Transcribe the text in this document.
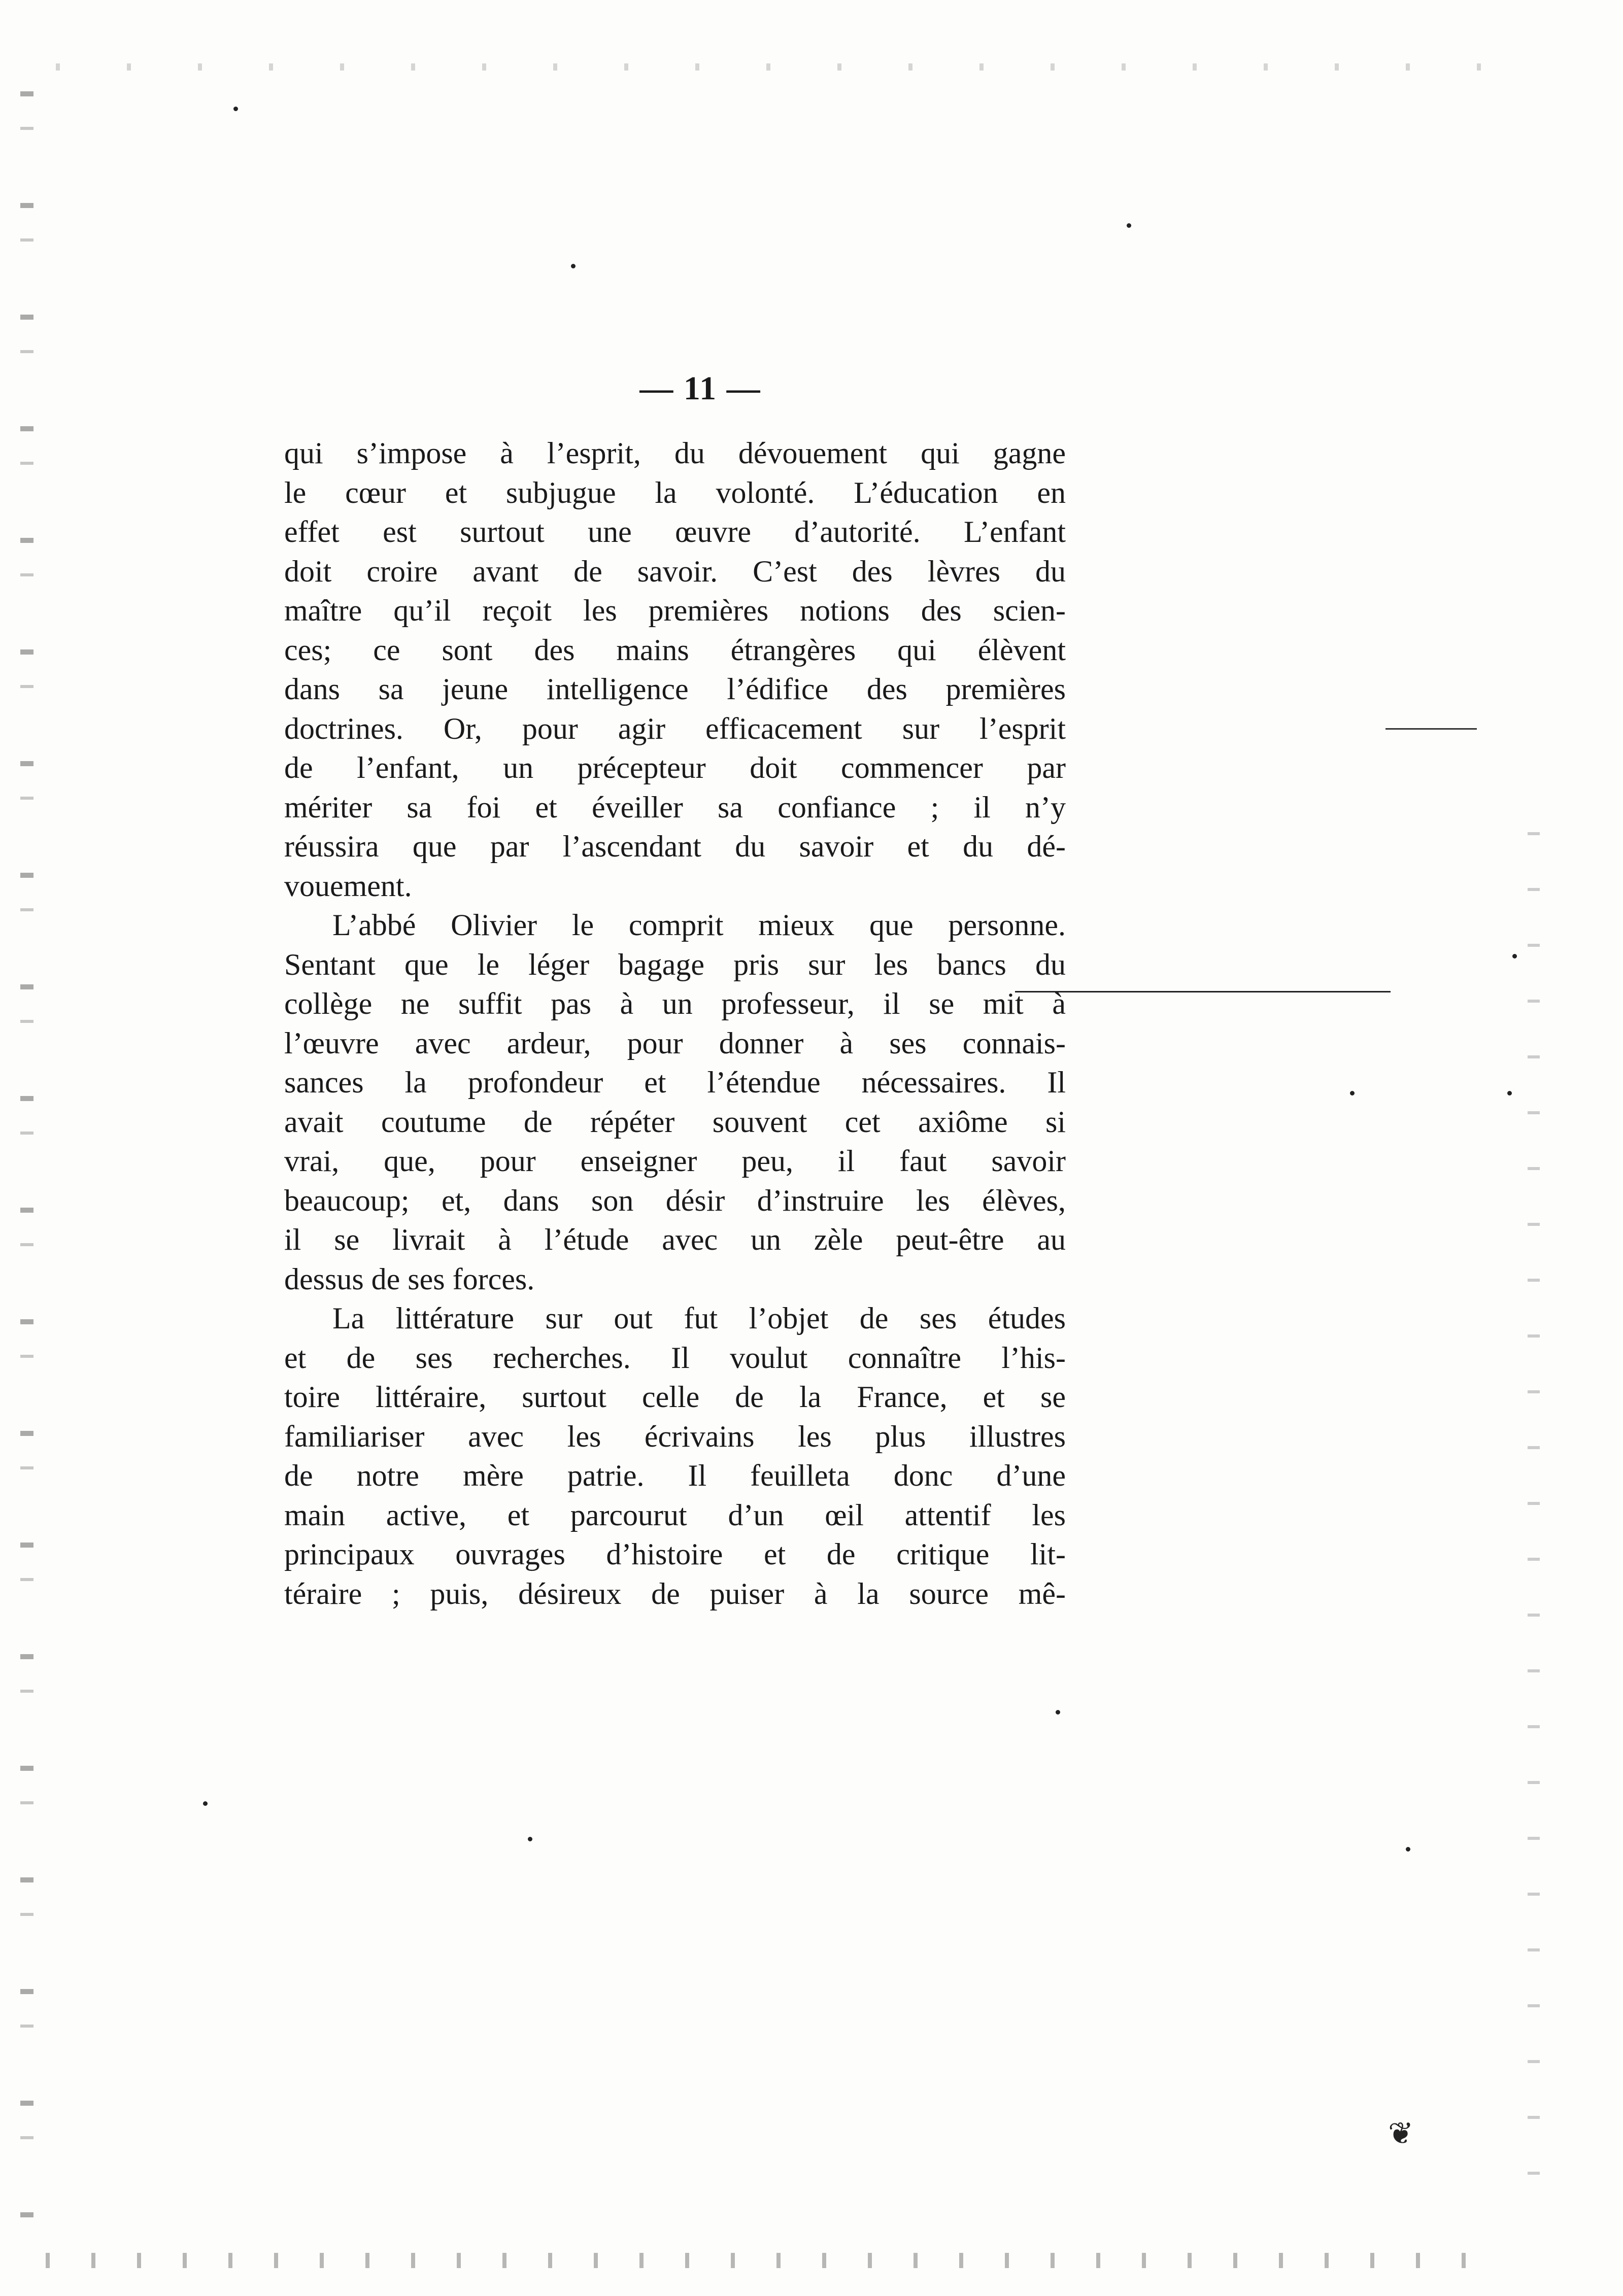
❦
— 11 —
qui s’impose à l’esprit, du dévouement qui gagne
le cœur et subjugue la volonté. L’éducation en
effet est surtout une œuvre d’autorité. L’enfant
doit croire avant de savoir. C’est des lèvres du
maître qu’il reçoit les premières notions des scien-
ces; ce sont des mains étrangères qui élèvent
dans sa jeune intelligence l’édifice des premières
doctrines. Or, pour agir efficacement sur l’esprit
de l’enfant, un précepteur doit commencer par
mériter sa foi et éveiller sa confiance ; il n’y
réussira que par l’ascendant du savoir et du dé-
vouement.
L’abbé Olivier le comprit mieux que personne.
Sentant que le léger bagage pris sur les bancs du
collège ne suffit pas à un professeur, il se mit à
l’œuvre avec ardeur, pour donner à ses connais-
sances la profondeur et l’étendue nécessaires. Il
avait coutume de répéter souvent cet axiôme si
vrai, que, pour enseigner peu, il faut savoir
beaucoup; et, dans son désir d’instruire les élèves,
il se livrait à l’étude avec un zèle peut-être au
dessus de ses forces.
La littérature sur out fut l’objet de ses études
et de ses recherches. Il voulut connaître l’his-
toire littéraire, surtout celle de la France, et se
familiariser avec les écrivains les plus illustres
de notre mère patrie. Il feuilleta donc d’une
main active, et parcourut d’un œil attentif les
principaux ouvrages d’histoire et de critique lit-
téraire ; puis, désireux de puiser à la source mê-
